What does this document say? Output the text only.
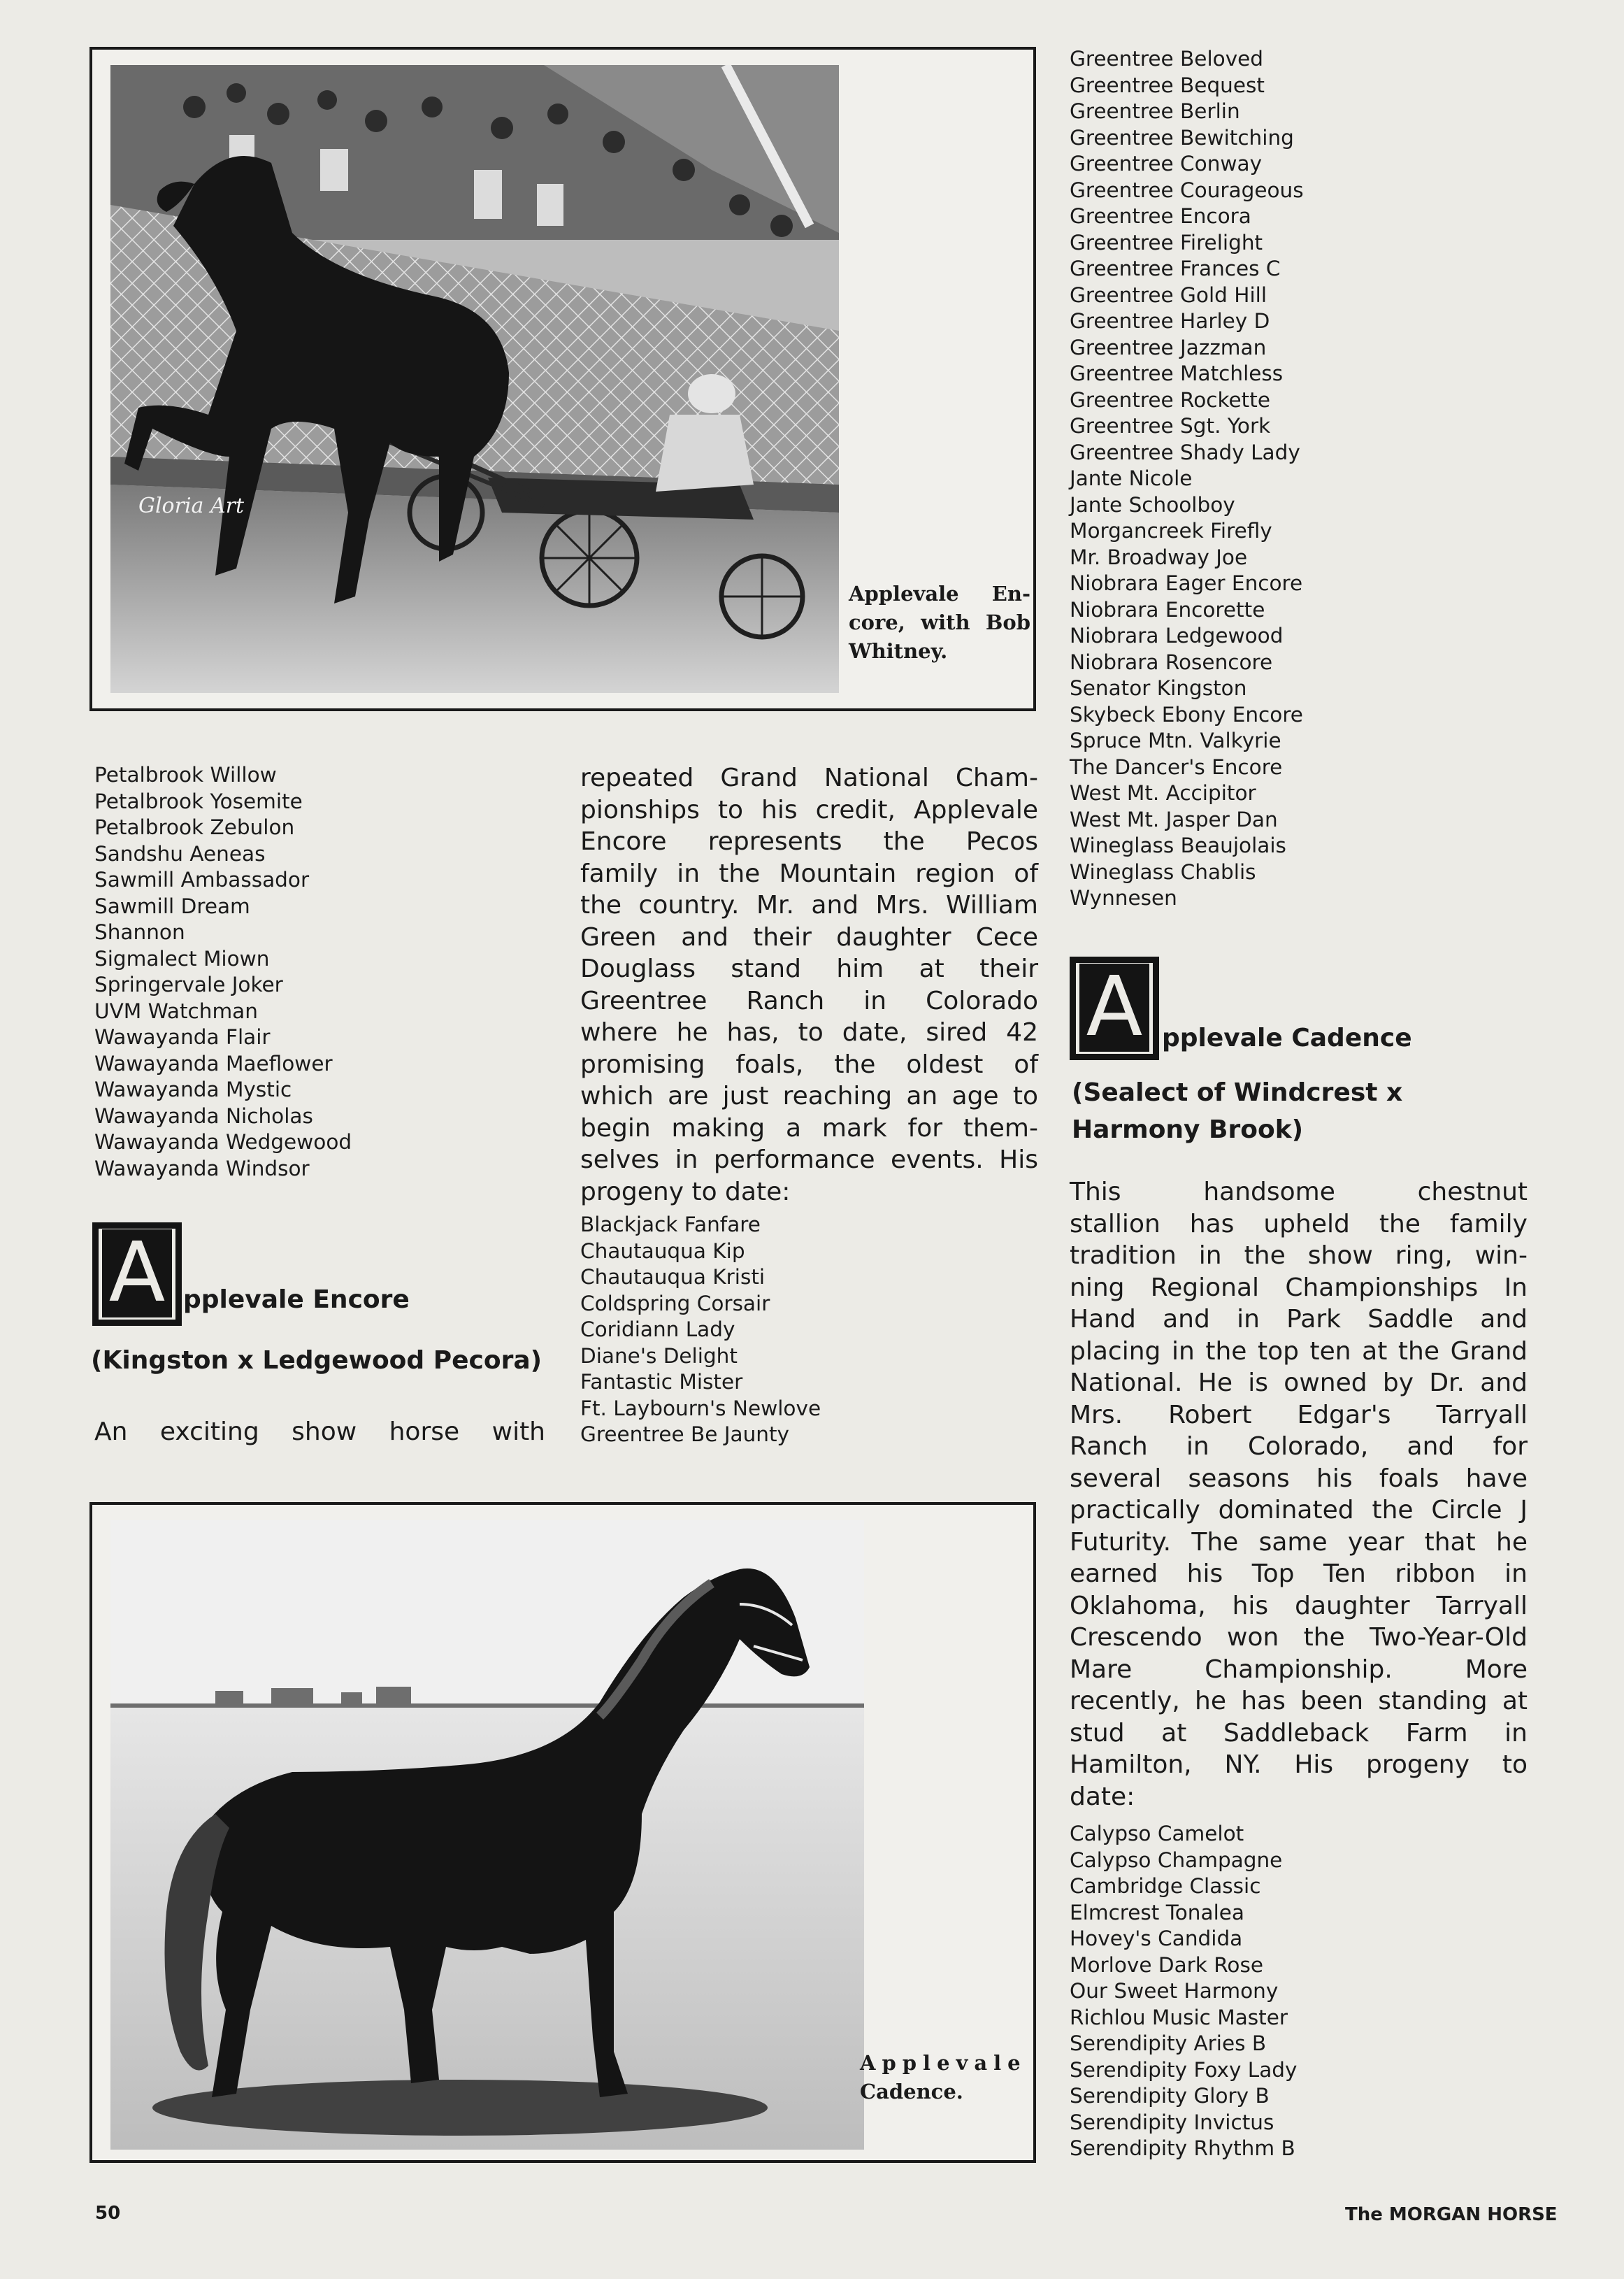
Gloria Art
Applevale En-
core, with Bob
Whitney.
Greentree Beloved
Greentree Bequest
Greentree Berlin
Greentree Bewitching
Greentree Conway
Greentree Courageous
Greentree Encora
Greentree Firelight
Greentree Frances C
Greentree Gold Hill
Greentree Harley D
Greentree Jazzman
Greentree Matchless
Greentree Rockette
Greentree Sgt. York
Greentree Shady Lady
Jante Nicole
Jante Schoolboy
Morgancreek Firefly
Mr. Broadway Joe
Niobrara Eager Encore
Niobrara Encorette
Niobrara Ledgewood
Niobrara Rosencore
Senator Kingston
Skybeck Ebony Encore
Spruce Mtn. Valkyrie
The Dancer's Encore
West Mt. Accipitor
West Mt. Jasper Dan
Wineglass Beaujolais
Wineglass Chablis
Wynnesen
Petalbrook Willow
Petalbrook Yosemite
Petalbrook Zebulon
Sandshu Aeneas
Sawmill Ambassador
Sawmill Dream
Shannon
Sigmalect Miown
Springervale Joker
UVM Watchman
Wawayanda Flair
Wawayanda Maeflower
Wawayanda Mystic
Wawayanda Nicholas
Wawayanda Wedgewood
Wawayanda Windsor
A pplevale Encore
(Kingston x Ledgewood Pecora)
An exciting show horse with
repeated Grand National Cham-
pionships to his credit, Applevale
Encore represents the Pecos
family in the Mountain region of
the country. Mr. and Mrs. William
Green and their daughter Cece
Douglass stand him at their
Greentree Ranch in Colorado
where he has, to date, sired 42
promising foals, the oldest of
which are just reaching an age to
begin making a mark for them-
selves in performance events. His
progeny to date:
Blackjack Fanfare
Chautauqua Kip
Chautauqua Kristi
Coldspring Corsair
Coridiann Lady
Diane's Delight
Fantastic Mister
Ft. Laybourn's Newlove
Greentree Be Jaunty
Applevale
Cadence.
A pplevale Cadence
(Sealect of Windcrest x
Harmony Brook)
This handsome chestnut
stallion has upheld the family
tradition in the show ring, win-
ning Regional Championships In
Hand and in Park Saddle and
placing in the top ten at the Grand
National. He is owned by Dr. and
Mrs. Robert Edgar's Tarryall
Ranch in Colorado, and for
several seasons his foals have
practically dominated the Circle J
Futurity. The same year that he
earned his Top Ten ribbon in
Oklahoma, his daughter Tarryall
Crescendo won the Two-Year-Old
Mare Championship. More
recently, he has been standing at
stud at Saddleback Farm in
Hamilton, NY. His progeny to
date:
Calypso Camelot
Calypso Champagne
Cambridge Classic
Elmcrest Tonalea
Hovey's Candida
Morlove Dark Rose
Our Sweet Harmony
Richlou Music Master
Serendipity Aries B
Serendipity Foxy Lady
Serendipity Glory B
Serendipity Invictus
Serendipity Rhythm B
50	The MORGAN HORSE
